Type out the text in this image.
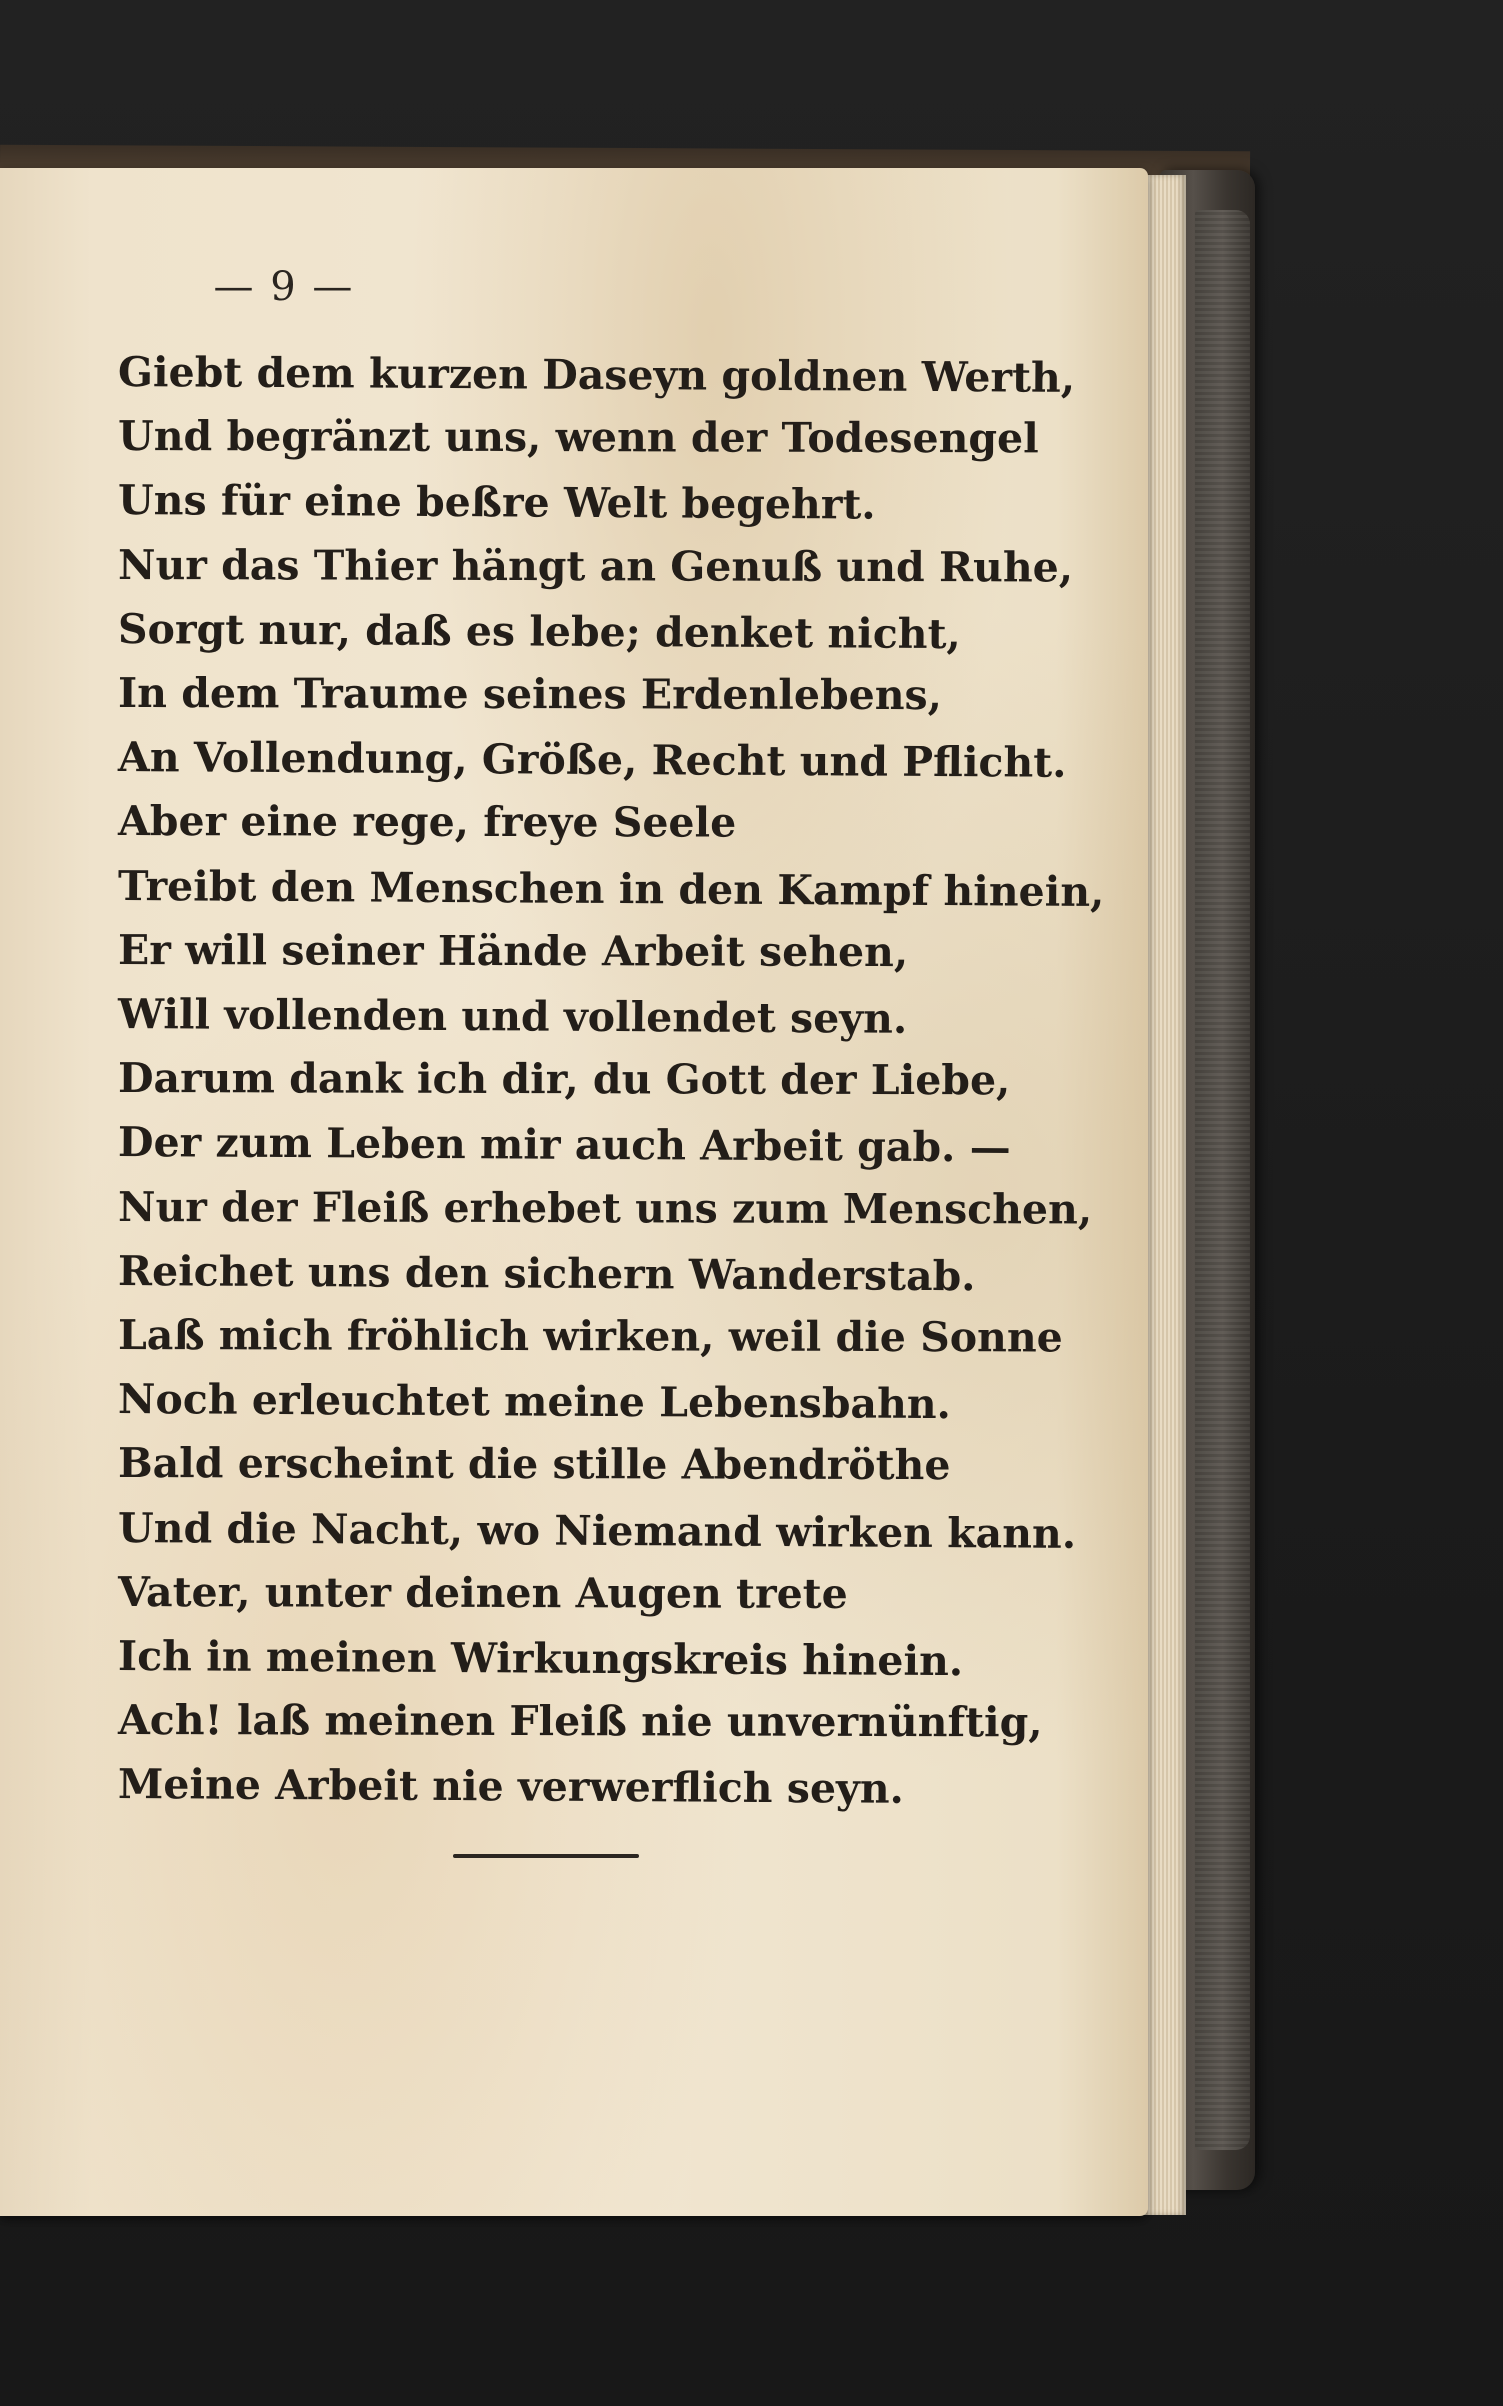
— 9 —
Giebt dem kurzen Daseyn goldnen Werth,
Und begränzt uns, wenn der Todesengel
Uns für eine beßre Welt begehrt.
Nur das Thier hängt an Genuß und Ruhe,
Sorgt nur, daß es lebe; denket nicht,
In dem Traume seines Erdenlebens,
An Vollendung, Größe, Recht und Pflicht.
Aber eine rege, freye Seele
Treibt den Menschen in den Kampf hinein,
Er will seiner Hände Arbeit sehen,
Will vollenden und vollendet seyn.
Darum dank ich dir, du Gott der Liebe,
Der zum Leben mir auch Arbeit gab. —
Nur der Fleiß erhebet uns zum Menschen,
Reichet uns den sichern Wanderstab.
Laß mich fröhlich wirken, weil die Sonne
Noch erleuchtet meine Lebensbahn.
Bald erscheint die stille Abendröthe
Und die Nacht, wo Niemand wirken kann.
Vater, unter deinen Augen trete
Ich in meinen Wirkungskreis hinein.
Ach! laß meinen Fleiß nie unvernünftig,
Meine Arbeit nie verwerflich seyn.
